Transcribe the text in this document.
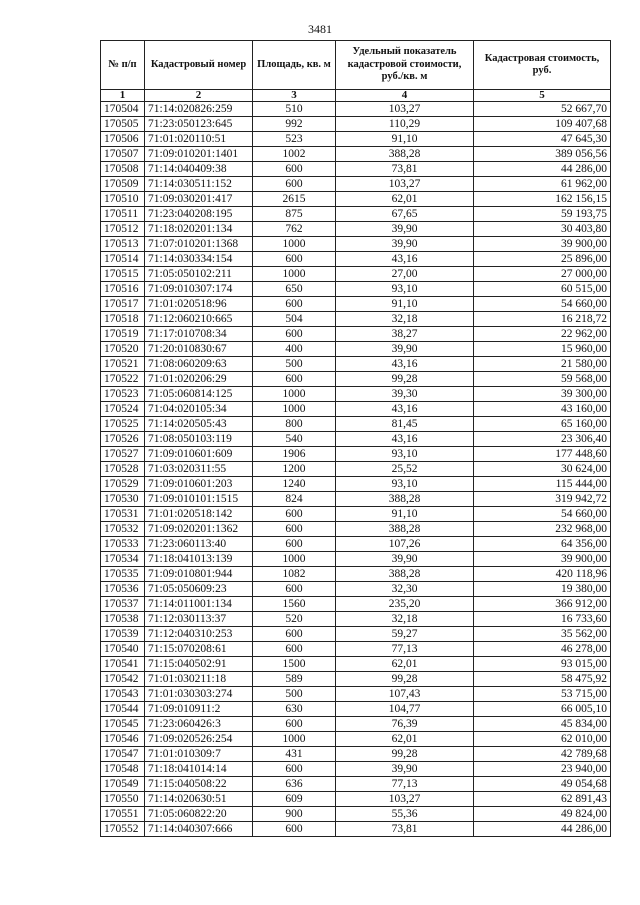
3481
№ п/п	Кадастровый номер	Площадь, кв. м	Удельный показатель кадастровой стоимости, руб./кв. м	Кадастровая стоимость, руб.
1	2	3	4	5
170504	71:14:020826:259	510	103,27	52 667,70
170505	71:23:050123:645	992	110,29	109 407,68
170506	71:01:020110:51	523	91,10	47 645,30
170507	71:09:010201:1401	1002	388,28	389 056,56
170508	71:14:040409:38	600	73,81	44 286,00
170509	71:14:030511:152	600	103,27	61 962,00
170510	71:09:030201:417	2615	62,01	162 156,15
170511	71:23:040208:195	875	67,65	59 193,75
170512	71:18:020201:134	762	39,90	30 403,80
170513	71:07:010201:1368	1000	39,90	39 900,00
170514	71:14:030334:154	600	43,16	25 896,00
170515	71:05:050102:211	1000	27,00	27 000,00
170516	71:09:010307:174	650	93,10	60 515,00
170517	71:01:020518:96	600	91,10	54 660,00
170518	71:12:060210:665	504	32,18	16 218,72
170519	71:17:010708:34	600	38,27	22 962,00
170520	71:20:010830:67	400	39,90	15 960,00
170521	71:08:060209:63	500	43,16	21 580,00
170522	71:01:020206:29	600	99,28	59 568,00
170523	71:05:060814:125	1000	39,30	39 300,00
170524	71:04:020105:34	1000	43,16	43 160,00
170525	71:14:020505:43	800	81,45	65 160,00
170526	71:08:050103:119	540	43,16	23 306,40
170527	71:09:010601:609	1906	93,10	177 448,60
170528	71:03:020311:55	1200	25,52	30 624,00
170529	71:09:010601:203	1240	93,10	115 444,00
170530	71:09:010101:1515	824	388,28	319 942,72
170531	71:01:020518:142	600	91,10	54 660,00
170532	71:09:020201:1362	600	388,28	232 968,00
170533	71:23:060113:40	600	107,26	64 356,00
170534	71:18:041013:139	1000	39,90	39 900,00
170535	71:09:010801:944	1082	388,28	420 118,96
170536	71:05:050609:23	600	32,30	19 380,00
170537	71:14:011001:134	1560	235,20	366 912,00
170538	71:12:030113:37	520	32,18	16 733,60
170539	71:12:040310:253	600	59,27	35 562,00
170540	71:15:070208:61	600	77,13	46 278,00
170541	71:15:040502:91	1500	62,01	93 015,00
170542	71:01:030211:18	589	99,28	58 475,92
170543	71:01:030303:274	500	107,43	53 715,00
170544	71:09:010911:2	630	104,77	66 005,10
170545	71:23:060426:3	600	76,39	45 834,00
170546	71:09:020526:254	1000	62,01	62 010,00
170547	71:01:010309:7	431	99,28	42 789,68
170548	71:18:041014:14	600	39,90	23 940,00
170549	71:15:040508:22	636	77,13	49 054,68
170550	71:14:020630:51	609	103,27	62 891,43
170551	71:05:060822:20	900	55,36	49 824,00
170552	71:14:040307:666	600	73,81	44 286,00
